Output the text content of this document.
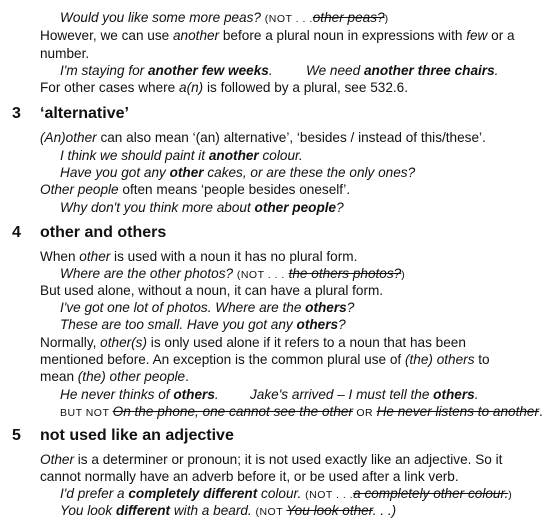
Would you like some more peas? (NOT . . .other peas?)
However, we can use another before a plural noun in expressions with few or a
number.
I'm staying for another few weeks. We need another three chairs.
For other cases where a(n) is followed by a plural, see 532.6.
3 ‘alternative’
(An)other can also mean ‘(an) alternative’, ‘besides / instead of this/these’.
I think we should paint it another colour.
Have you got any other cakes, or are these the only ones?
Other people often means ‘people besides oneself’.
Why don't you think more about other people?
4 other and others
When other is used with a noun it has no plural form.
Where are the other photos? (NOT . . . the others photos?)
But used alone, without a noun, it can have a plural form.
I've got one lot of photos. Where are the others?
These are too small. Have you got any others?
Normally, other(s) is only used alone if it refers to a noun that has been
mentioned before. An exception is the common plural use of (the) others to
mean (the) other people.
He never thinks of others. Jake's arrived – I must tell the others.
BUT NOT On the phone, one cannot see the other OR He never listens to another.
5 not used like an adjective
Other is a determiner or pronoun; it is not used exactly like an adjective. So it
cannot normally have an adverb before it, or be used after a link verb.
I'd prefer a completely different colour. (NOT . . .a completely other colour.)
You look different with a beard. (NOT You look other. . .)
